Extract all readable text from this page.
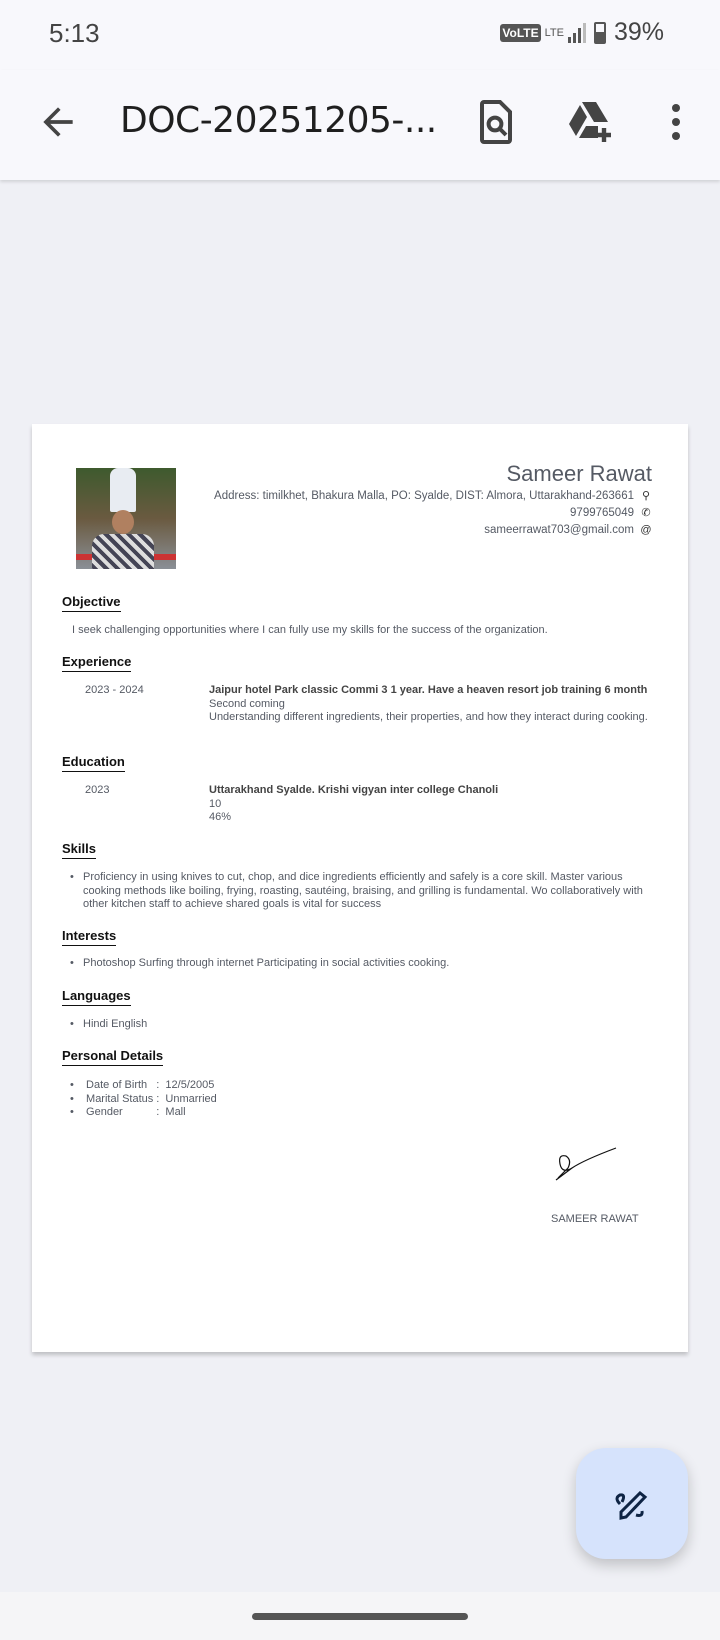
5:13	VoLTE LTE 39%
DOC-20251205-...
Sameer Rawat
Address: timilkhet, Bhakura Malla, PO: Syalde, DIST: Almora, Uttarakhand-263661 ⚲
9799765049 ✆
sameerrawat703@gmail.com @
Objective
I seek challenging opportunities where I can fully use my skills for the success of the organization.
Experience
2023 - 2024	Jaipur hotel Park classic Commi 3 1 year. Have a heaven resort job training 6 month
Second coming
Understanding different ingredients, their properties, and how they interact during cooking.
Education
2023	Uttarakhand Syalde. Krishi vigyan inter college Chanoli
10
46%
Skills
• Proficiency in using knives to cut, chop, and dice ingredients efficiently and safely is a core skill. Master various cooking methods like boiling, frying, roasting, sautéing, braising, and grilling is fundamental. Wo collaboratively with other kitchen staff to achieve shared goals is vital for success
Interests
• Photoshop Surfing through internet Participating in social activities cooking.
Languages
• Hindi English
Personal Details
•	Date of Birth	:	12/5/2005
•	Marital Status	:	Unmarried
•	Gender	:	Mall
SAMEER RAWAT
